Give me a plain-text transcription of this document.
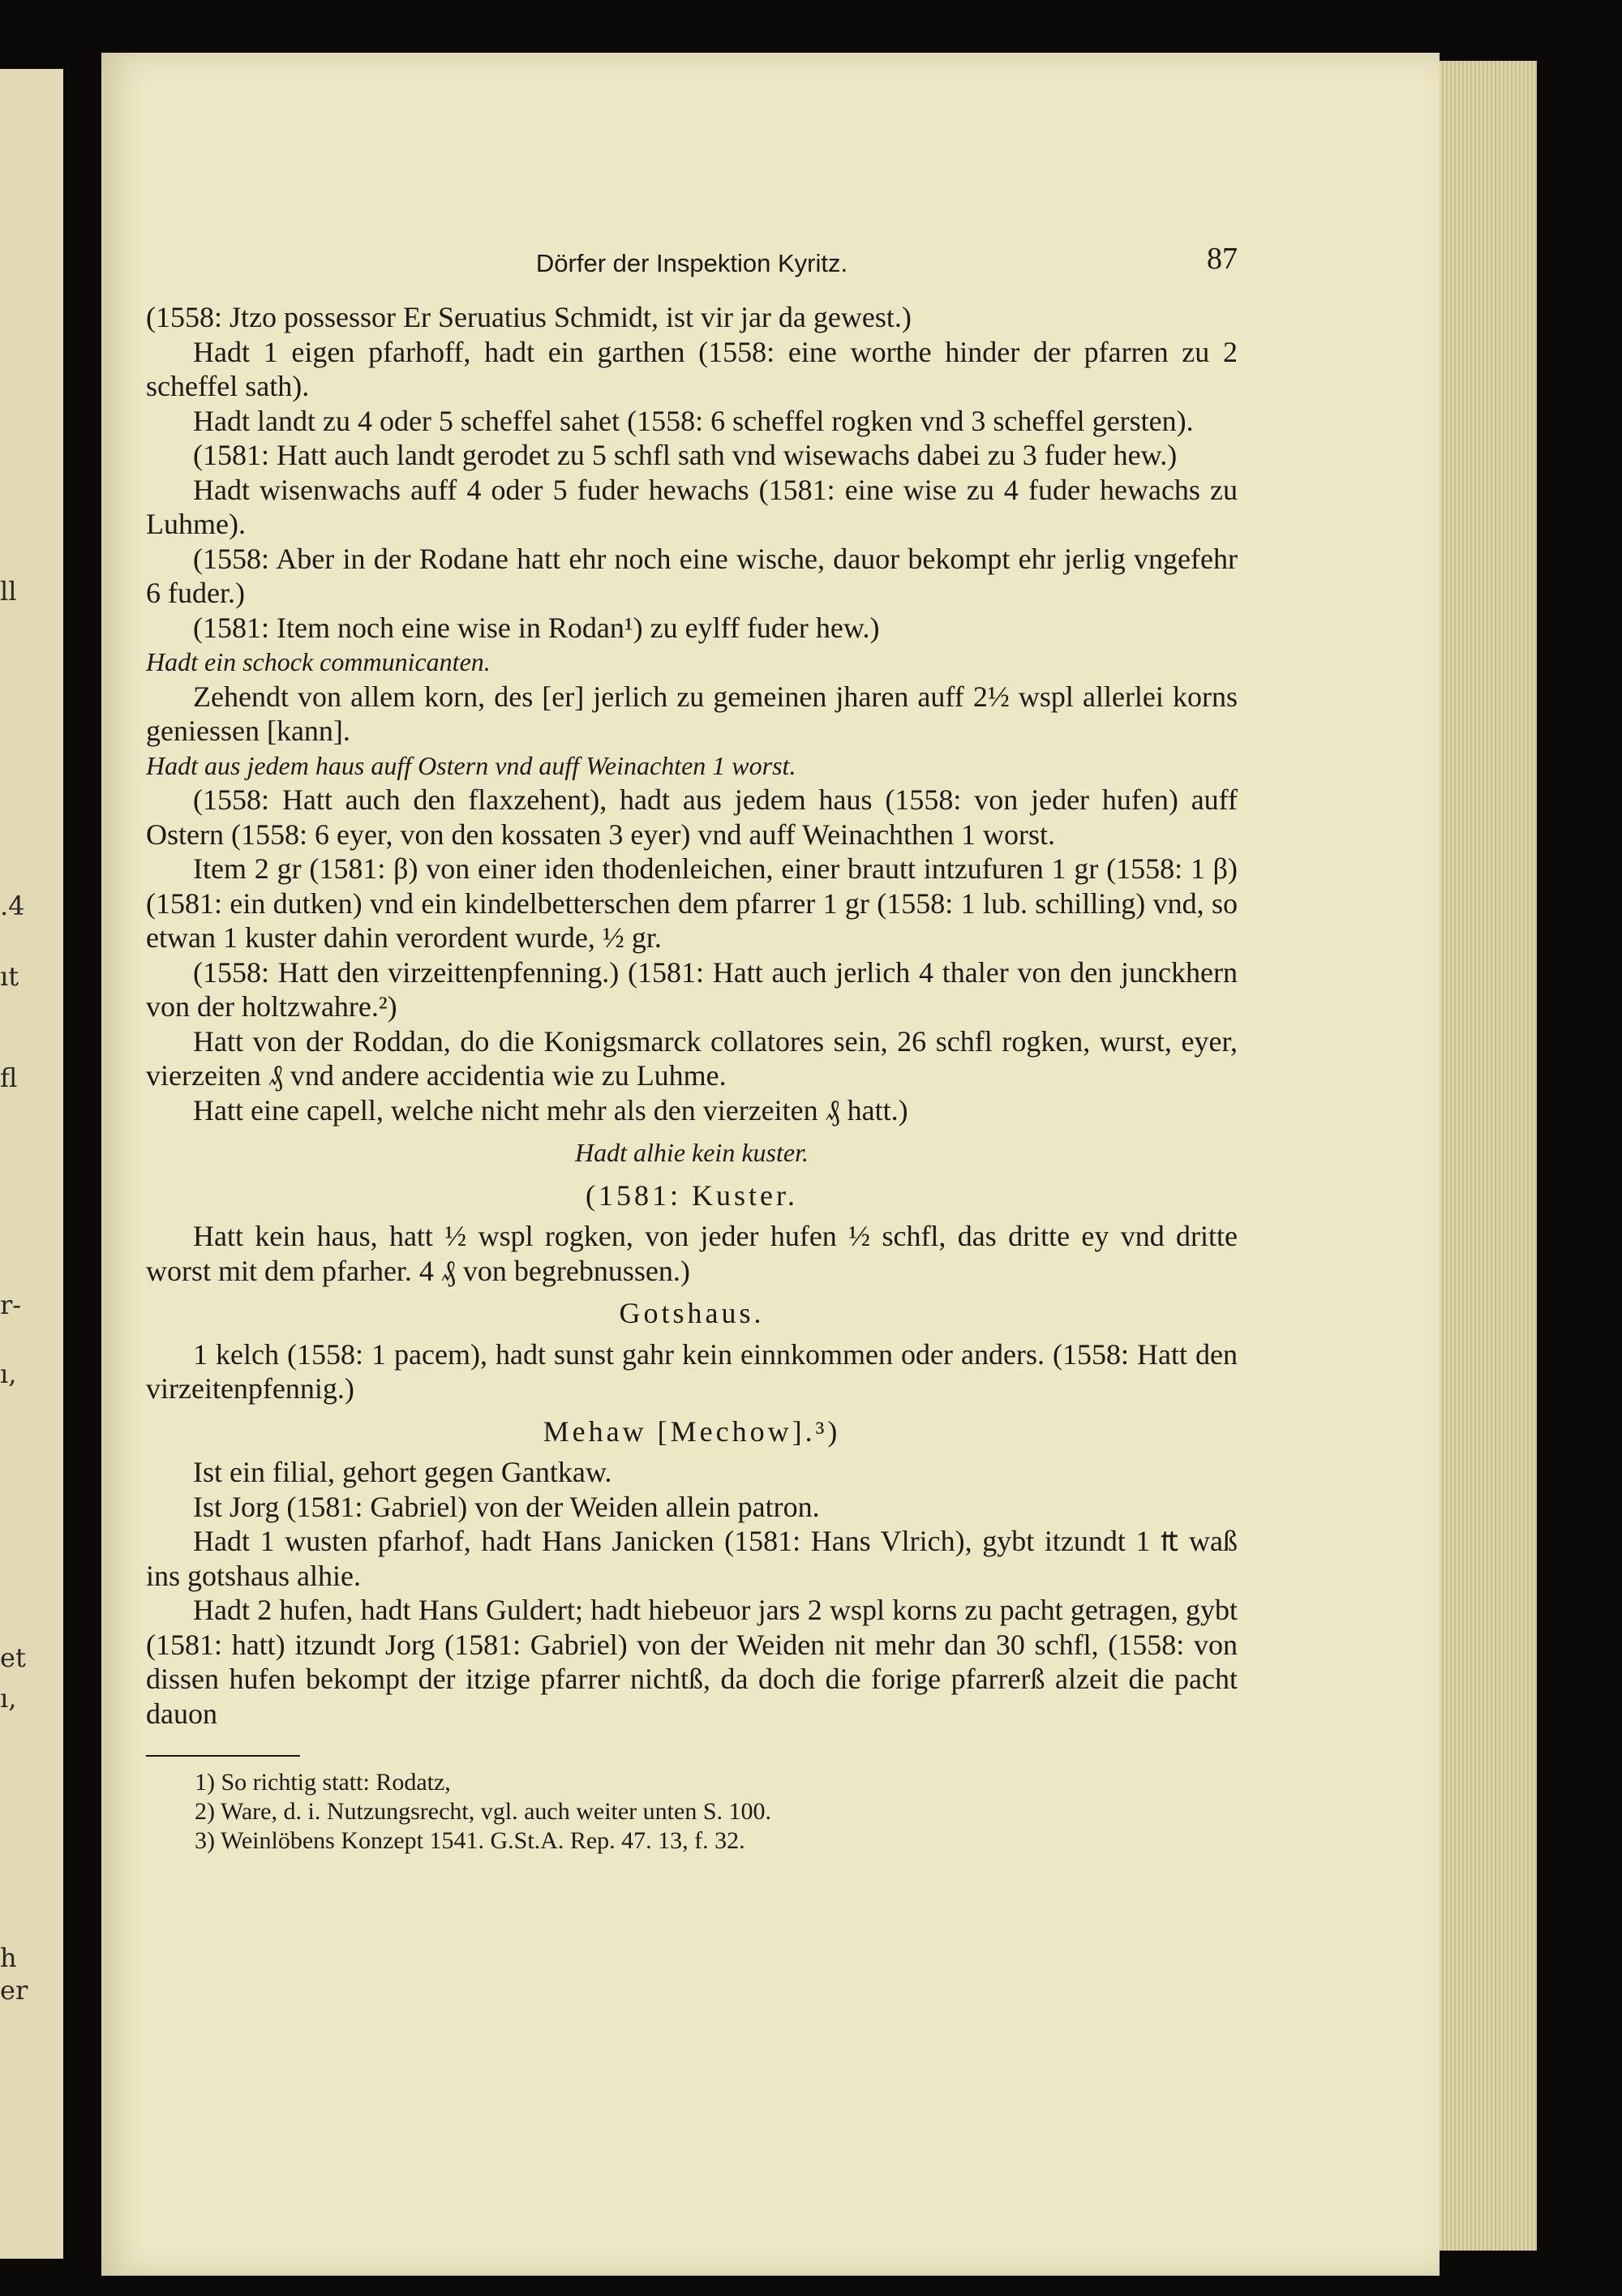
ll
.4
ıt
fl
r-
ı,
et
ı,
h
er
Dörfer der Inspektion Kyritz.	87

(1558: Jtzo possessor Er Seruatius Schmidt, ist vir jar da gewest.)

Hadt 1 eigen pfarhoff, hadt ein garthen (1558: eine worthe hinder der pfarren zu 2 scheffel sath).

Hadt landt zu 4 oder 5 scheffel sahet (1558: 6 scheffel rogken vnd 3 scheffel gersten).

(1581: Hatt auch landt gerodet zu 5 schfl sath vnd wisewachs dabei zu 3 fuder hew.)

Hadt wisenwachs auff 4 oder 5 fuder hewachs (1581: eine wise zu 4 fuder hewachs zu Luhme).

(1558: Aber in der Rodane hatt ehr noch eine wische, dauor bekompt ehr jerlig vngefehr 6 fuder.)

(1581: Item noch eine wise in Rodan¹) zu eylff fuder hew.)

Hadt ein schock communicanten.

Zehendt von allem korn, des [er] jerlich zu gemeinen jharen auff 2½ wspl allerlei korns geniessen [kann].

Hadt aus jedem haus auff Ostern vnd auff Weinachten 1 worst.

(1558: Hatt auch den flaxzehent), hadt aus jedem haus (1558: von jeder hufen) auff Ostern (1558: 6 eyer, von den kossaten 3 eyer) vnd auff Weinachthen 1 worst.

Item 2 gr (1581: β) von einer iden thodenleichen, einer brautt intzufuren 1 gr (1558: 1 β) (1581: ein dutken) vnd ein kindelbetterschen dem pfarrer 1 gr (1558: 1 lub. schilling) vnd, so etwan 1 kuster dahin verordent wurde, ½ gr.

(1558: Hatt den virzeittenpfenning.) (1581: Hatt auch jerlich 4 thaler von den junckhern von der holtzwahre.²)

Hatt von der Roddan, do die Konigsmarck collatores sein, 26 schfl rogken, wurst, eyer, vierzeiten ₰ vnd andere accidentia wie zu Luhme.

Hatt eine capell, welche nicht mehr als den vierzeiten ₰ hatt.)

Hadt alhie kein kuster.

(1581: Kuster.

Hatt kein haus, hatt ½ wspl rogken, von jeder hufen ½ schfl, das dritte ey vnd dritte worst mit dem pfarher. 4 ₰ von begrebnussen.)

Gotshaus.

1 kelch (1558: 1 pacem), hadt sunst gahr kein einnkommen oder anders. (1558: Hatt den virzeitenpfennig.)

Mehaw [Mechow].³)

Ist ein filial, gehort gegen Gantkaw.

Ist Jorg (1581: Gabriel) von der Weiden allein patron.

Hadt 1 wusten pfarhof, hadt Hans Janicken (1581: Hans Vlrich), gybt itzundt 1 ₶ waß ins gotshaus alhie.

Hadt 2 hufen, hadt Hans Guldert; hadt hiebeuor jars 2 wspl korns zu pacht getragen, gybt (1581: hatt) itzundt Jorg (1581: Gabriel) von der Weiden nit mehr dan 30 schfl, (1558: von dissen hufen bekompt der itzige pfarrer nichtß, da doch die forige pfarrerß alzeit die pacht dauon

1) So richtig statt: Rodatz,

2) Ware, d. i. Nutzungsrecht, vgl. auch weiter unten S. 100.

3) Weinlöbens Konzept 1541. G.St.A. Rep. 47. 13, f. 32.
